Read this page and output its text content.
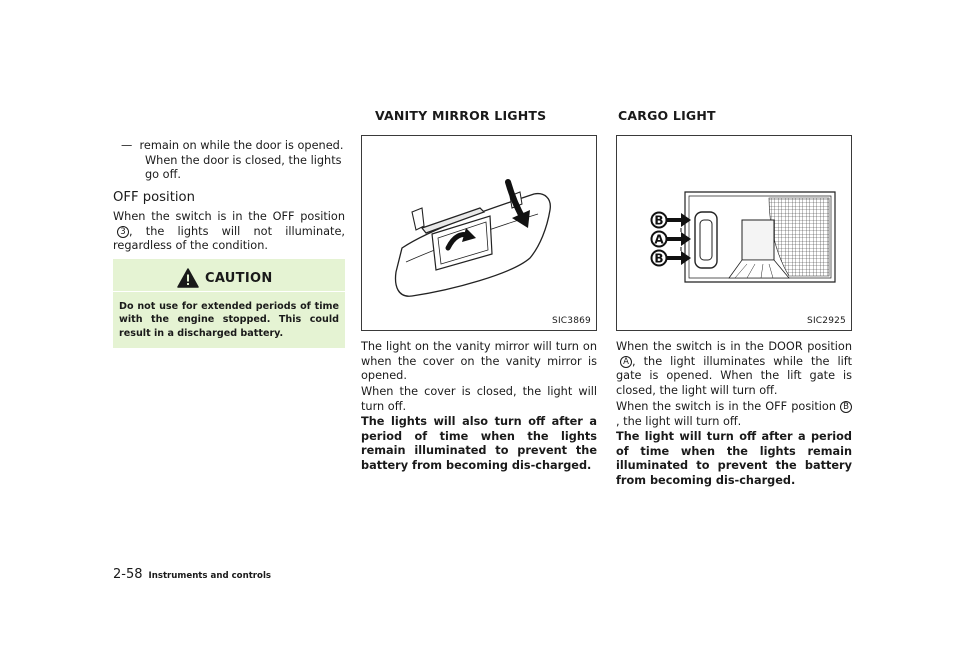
— remain on while the door is opened.
When the door is closed, the lights
go off.
OFF position
When the switch is in the OFF position3 , the lights will not illuminate, regardless of the condition.
CAUTION
Do not use for extended periods of time with the engine stopped. This could result in a discharged battery.
VANITY MIRROR LIGHTS
SIC3869
The light on the vanity mirror will turn on when the cover on the vanity mirror is opened.
When the cover is closed, the light will turn off.
The lights will also turn off after a period of time when the lights remain illuminated to prevent the battery from becoming dis-charged.
CARGO LIGHT
B
A
B
SIC2925
When the switch is in the DOOR positionA , the light illuminates while the lift gate is opened. When the lift gate is closed, the light will turn off.
When the switch is in the OFF position B, the light will turn off.
The light will turn off after a period of time when the lights remain illuminated to prevent the battery from becoming dis-charged.
2-58 Instruments and controls
